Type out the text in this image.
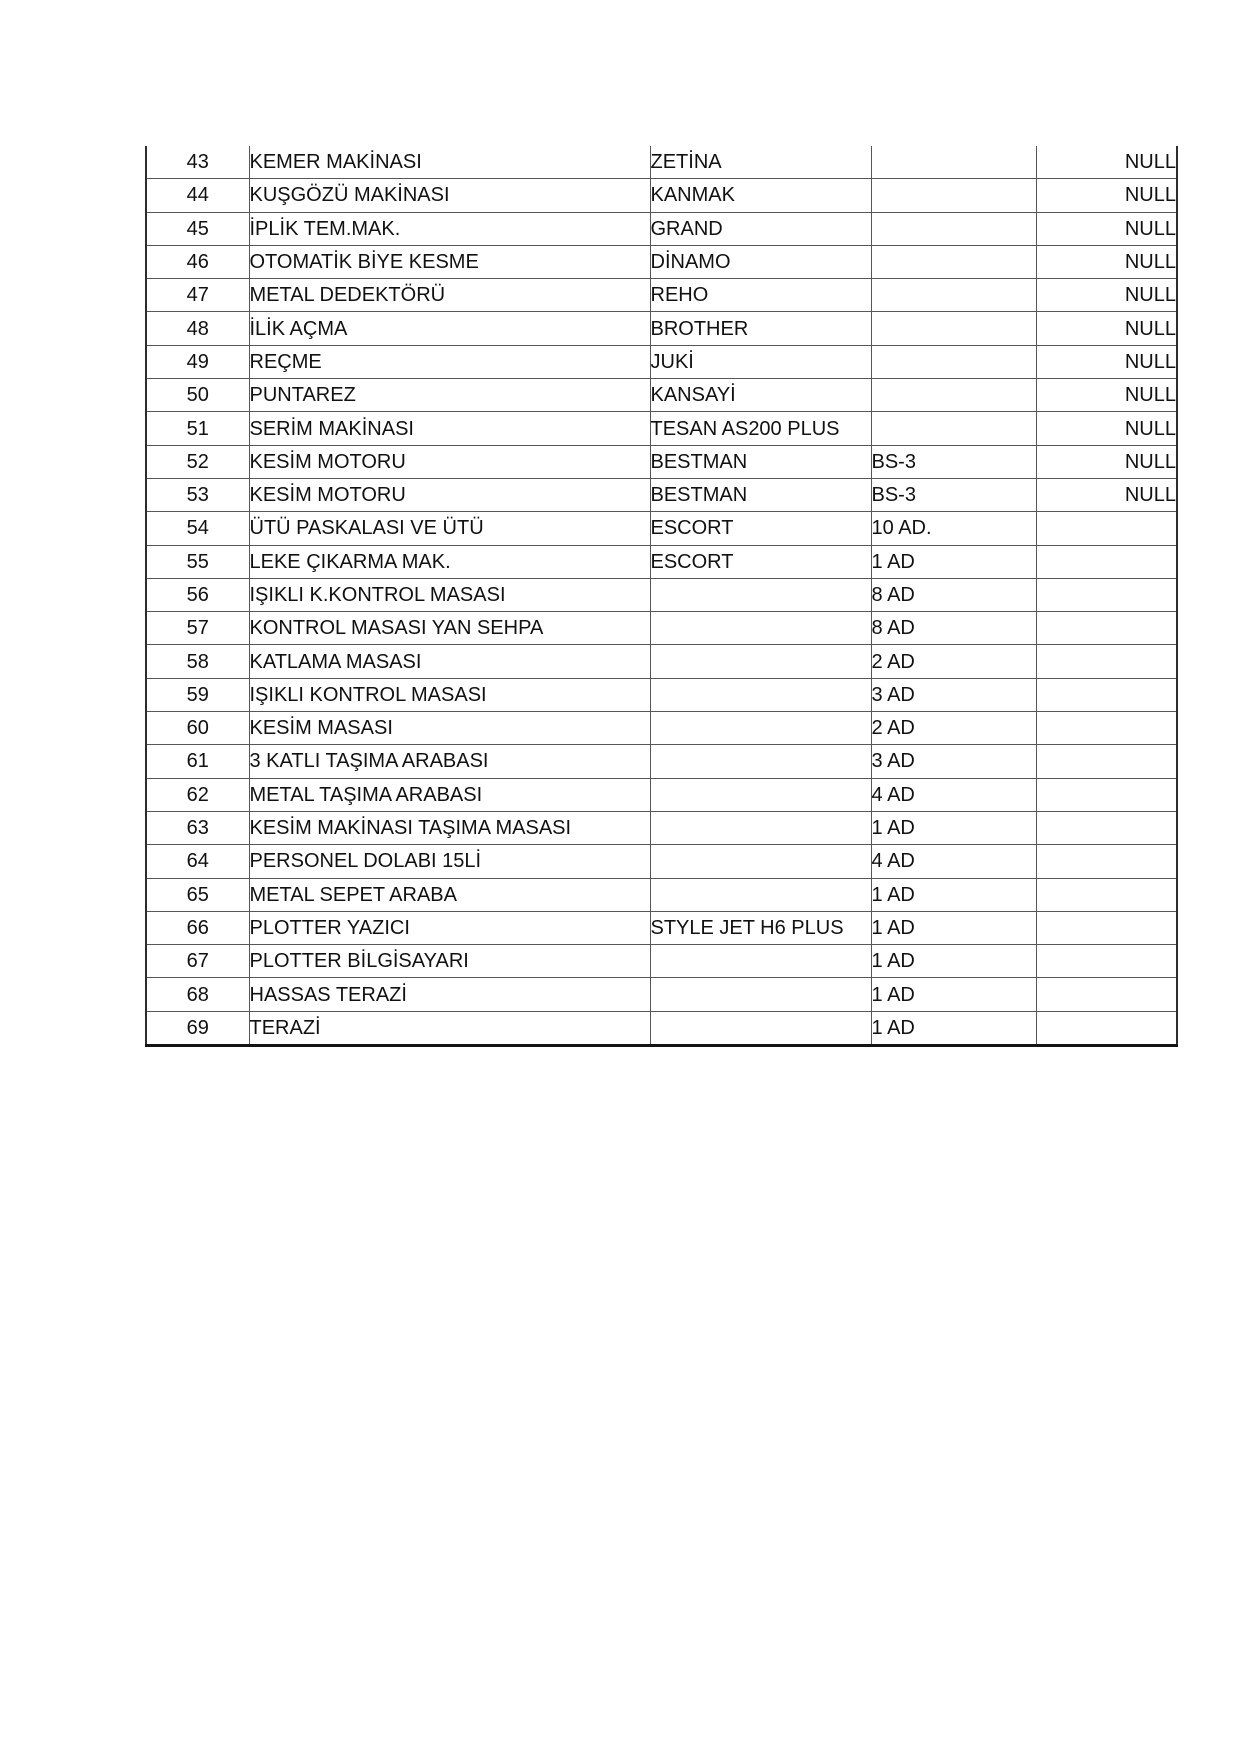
43	KEMER MAKİNASI	ZETİNA		NULL
44	KUŞGÖZÜ MAKİNASI	KANMAK		NULL
45	İPLİK TEM.MAK.	GRAND		NULL
46	OTOMATİK BİYE KESME	DİNAMO		NULL
47	METAL DEDEKTÖRÜ	REHO		NULL
48	İLİK AÇMA	BROTHER		NULL
49	REÇME	JUKİ		NULL
50	PUNTAREZ	KANSAYİ		NULL
51	SERİM MAKİNASI	TESAN AS200 PLUS		NULL
52	KESİM MOTORU	BESTMAN	BS-3	NULL
53	KESİM MOTORU	BESTMAN	BS-3	NULL
54	ÜTÜ PASKALASI VE ÜTÜ	ESCORT	10 AD.	
55	LEKE ÇIKARMA MAK.	ESCORT	1 AD	
56	IŞIKLI K.KONTROL MASASI		8 AD	
57	KONTROL MASASI YAN SEHPA		8 AD	
58	KATLAMA MASASI		2 AD	
59	IŞIKLI KONTROL MASASI		3 AD	
60	KESİM MASASI		2 AD	
61	3 KATLI TAŞIMA ARABASI		3 AD	
62	METAL TAŞIMA ARABASI		4 AD	
63	KESİM MAKİNASI TAŞIMA MASASI		1 AD	
64	PERSONEL DOLABI 15Lİ		4 AD	
65	METAL SEPET ARABA		1 AD	
66	PLOTTER YAZICI	STYLE JET H6 PLUS	1 AD	
67	PLOTTER BİLGİSAYARI		1 AD	
68	HASSAS TERAZİ		1 AD	
69	TERAZİ		1 AD	
